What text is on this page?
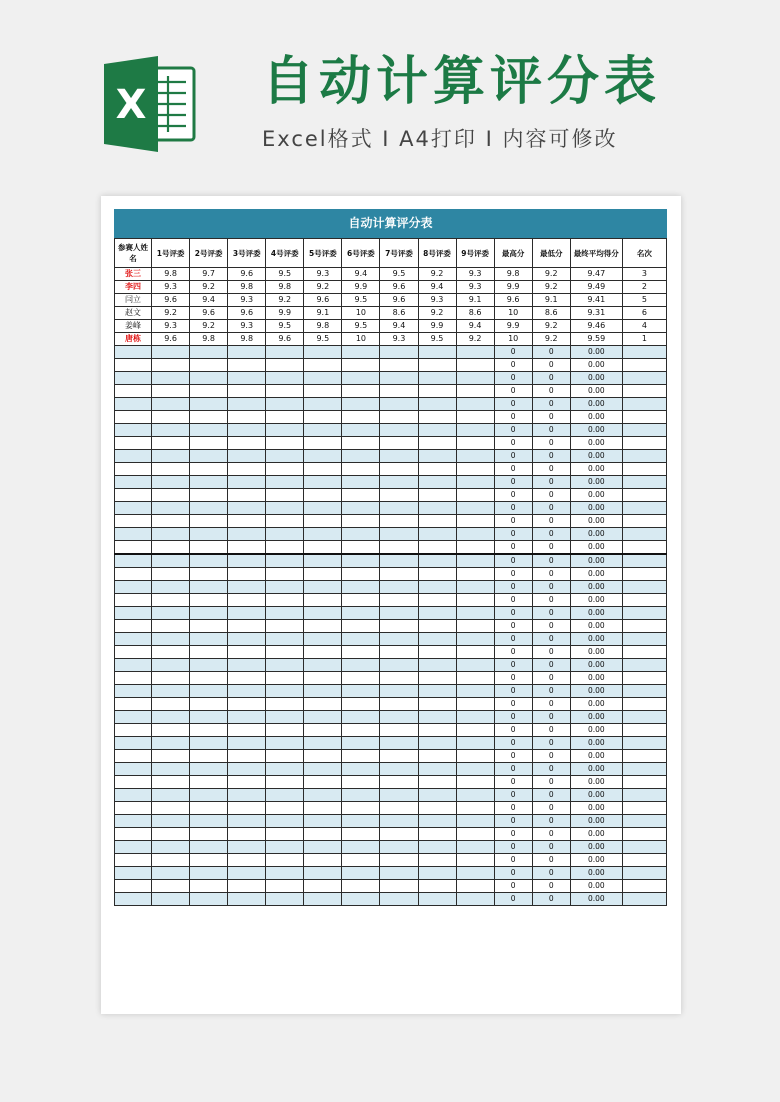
X 自动计算评分表
Excel格式 I A4打印 I 内容可修改
自动计算评分表
参赛人姓名	1号评委	2号评委	3号评委	4号评委	5号评委	6号评委	7号评委	8号评委	9号评委	最高分	最低分	最终平均得分	名次
张三	9.8	9.7	9.6	9.5	9.3	9.4	9.5	9.2	9.3	9.8	9.2	9.47	3
李四	9.3	9.2	9.8	9.8	9.2	9.9	9.6	9.4	9.3	9.9	9.2	9.49	2
闫立	9.6	9.4	9.3	9.2	9.6	9.5	9.6	9.3	9.1	9.6	9.1	9.41	5
赵文	9.2	9.6	9.6	9.9	9.1	10	8.6	9.2	8.6	10	8.6	9.31	6
姜峰	9.3	9.2	9.3	9.5	9.8	9.5	9.4	9.9	9.4	9.9	9.2	9.46	4
唐栋	9.6	9.8	9.8	9.6	9.5	10	9.3	9.5	9.2	10	9.2	9.59	1
										0	0	0.00	
										0	0	0.00	
										0	0	0.00	
										0	0	0.00	
										0	0	0.00	
										0	0	0.00	
										0	0	0.00	
										0	0	0.00	
										0	0	0.00	
										0	0	0.00	
										0	0	0.00	
										0	0	0.00	
										0	0	0.00	
										0	0	0.00	
										0	0	0.00	
										0	0	0.00	
										0	0	0.00	
										0	0	0.00	
										0	0	0.00	
										0	0	0.00	
										0	0	0.00	
										0	0	0.00	
										0	0	0.00	
										0	0	0.00	
										0	0	0.00	
										0	0	0.00	
										0	0	0.00	
										0	0	0.00	
										0	0	0.00	
										0	0	0.00	
										0	0	0.00	
										0	0	0.00	
										0	0	0.00	
										0	0	0.00	
										0	0	0.00	
										0	0	0.00	
										0	0	0.00	
										0	0	0.00	
										0	0	0.00	
										0	0	0.00	
										0	0	0.00	
										0	0	0.00	
										0	0	0.00	
